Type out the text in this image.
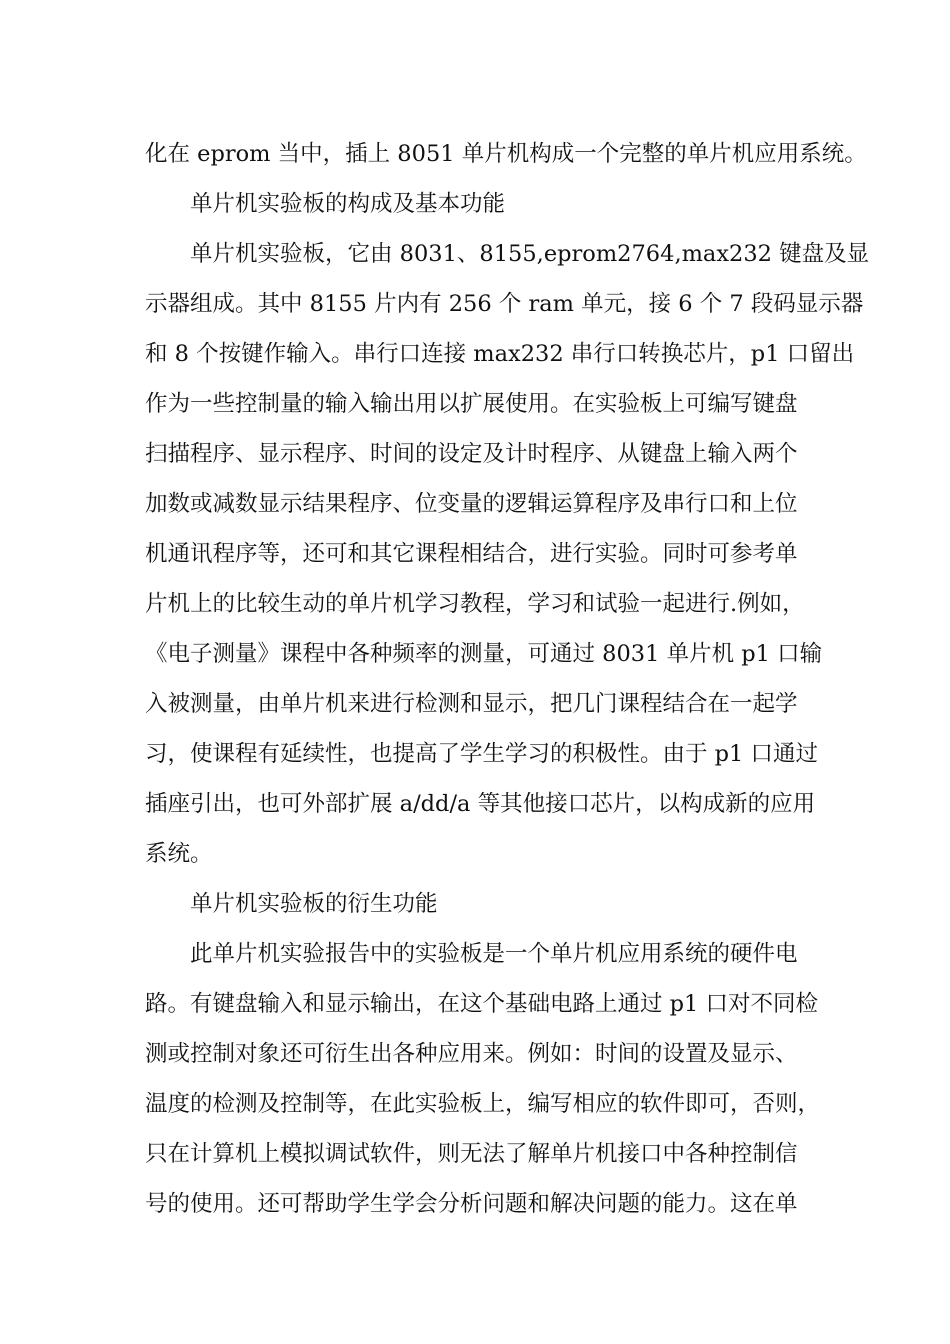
化在 eprom 当中，插上 8051 单片机构成一个完整的单片机应用系统。
单片机实验板的构成及基本功能
单片机实验板，它由 8031、8155,eprom2764,max232 键盘及显
示器组成。其中 8155 片内有 256 个 ram 单元，接 6 个 7 段码显示器
和 8 个按键作输入。串行口连接 max232 串行口转换芯片，p1 口留出
作为一些控制量的输入输出用以扩展使用。在实验板上可编写键盘
扫描程序、显示程序、时间的设定及计时程序、从键盘上输入两个
加数或减数显示结果程序、位变量的逻辑运算程序及串行口和上位
机通讯程序等，还可和其它课程相结合，进行实验。同时可参考单
片机上的比较生动的单片机学习教程，学习和试验一起进行.例如，
《电子测量》课程中各种频率的测量，可通过 8031 单片机 p1 口输
入被测量，由单片机来进行检测和显示，把几门课程结合在一起学
习，使课程有延续性，也提高了学生学习的积极性。由于 p1 口通过
插座引出，也可外部扩展 a/dd/a 等其他接口芯片，以构成新的应用
系统。
单片机实验板的衍生功能
此单片机实验报告中的实验板是一个单片机应用系统的硬件电
路。有键盘输入和显示输出，在这个基础电路上通过 p1 口对不同检
测或控制对象还可衍生出各种应用来。例如：时间的设置及显示、
温度的检测及控制等，在此实验板上，编写相应的软件即可，否则，
只在计算机上模拟调试软件，则无法了解单片机接口中各种控制信
号的使用。还可帮助学生学会分析问题和解决问题的能力。这在单
